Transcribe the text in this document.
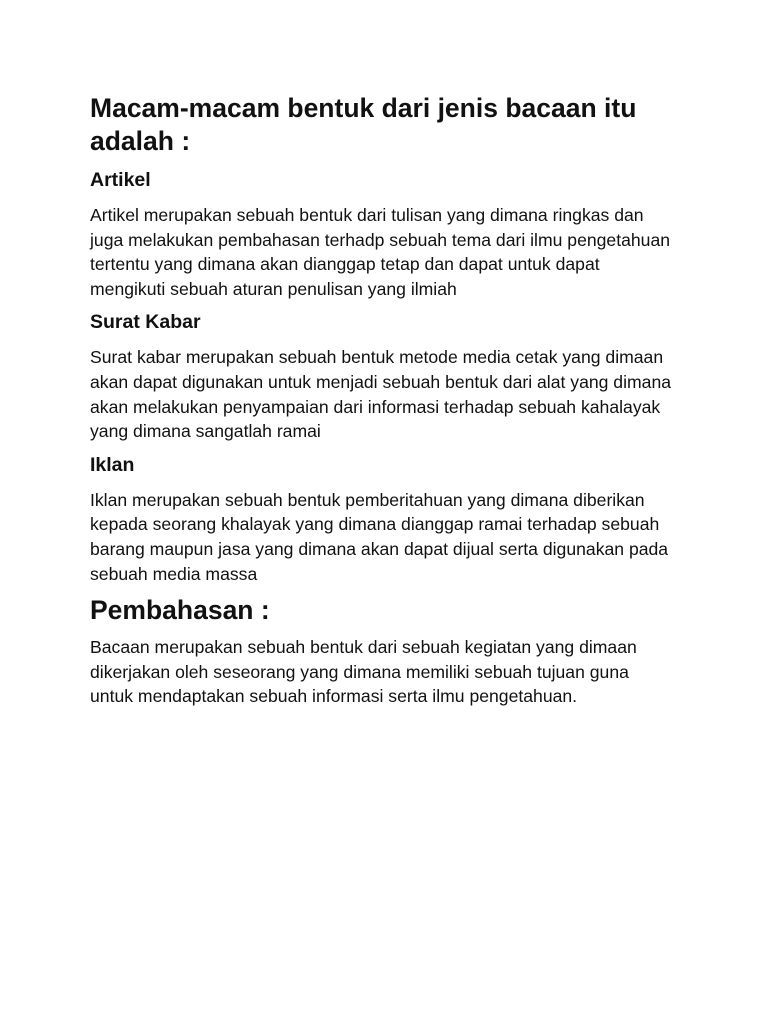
Macam-macam bentuk dari jenis bacaan itu adalah :
Artikel

Artikel merupakan sebuah bentuk dari tulisan yang dimana ringkas dan juga melakukan pembahasan terhadp sebuah tema dari ilmu pengetahuan tertentu yang dimana akan dianggap tetap dan dapat untuk dapat mengikuti sebuah aturan penulisan yang ilmiah

Surat Kabar

Surat kabar merupakan sebuah bentuk metode media cetak yang dimaan akan dapat digunakan untuk menjadi sebuah bentuk dari alat yang dimana akan melakukan penyampaian dari informasi terhadap sebuah kahalayak yang dimana sangatlah ramai

Iklan

Iklan merupakan sebuah bentuk pemberitahuan yang dimana diberikan kepada seorang khalayak yang dimana dianggap ramai terhadap sebuah barang maupun jasa yang dimana akan dapat dijual serta digunakan pada sebuah media massa

Pembahasan :

Bacaan merupakan sebuah bentuk dari sebuah kegiatan yang dimaan dikerjakan oleh seseorang yang dimana memiliki sebuah tujuan guna untuk mendaptakan sebuah informasi serta ilmu pengetahuan.
